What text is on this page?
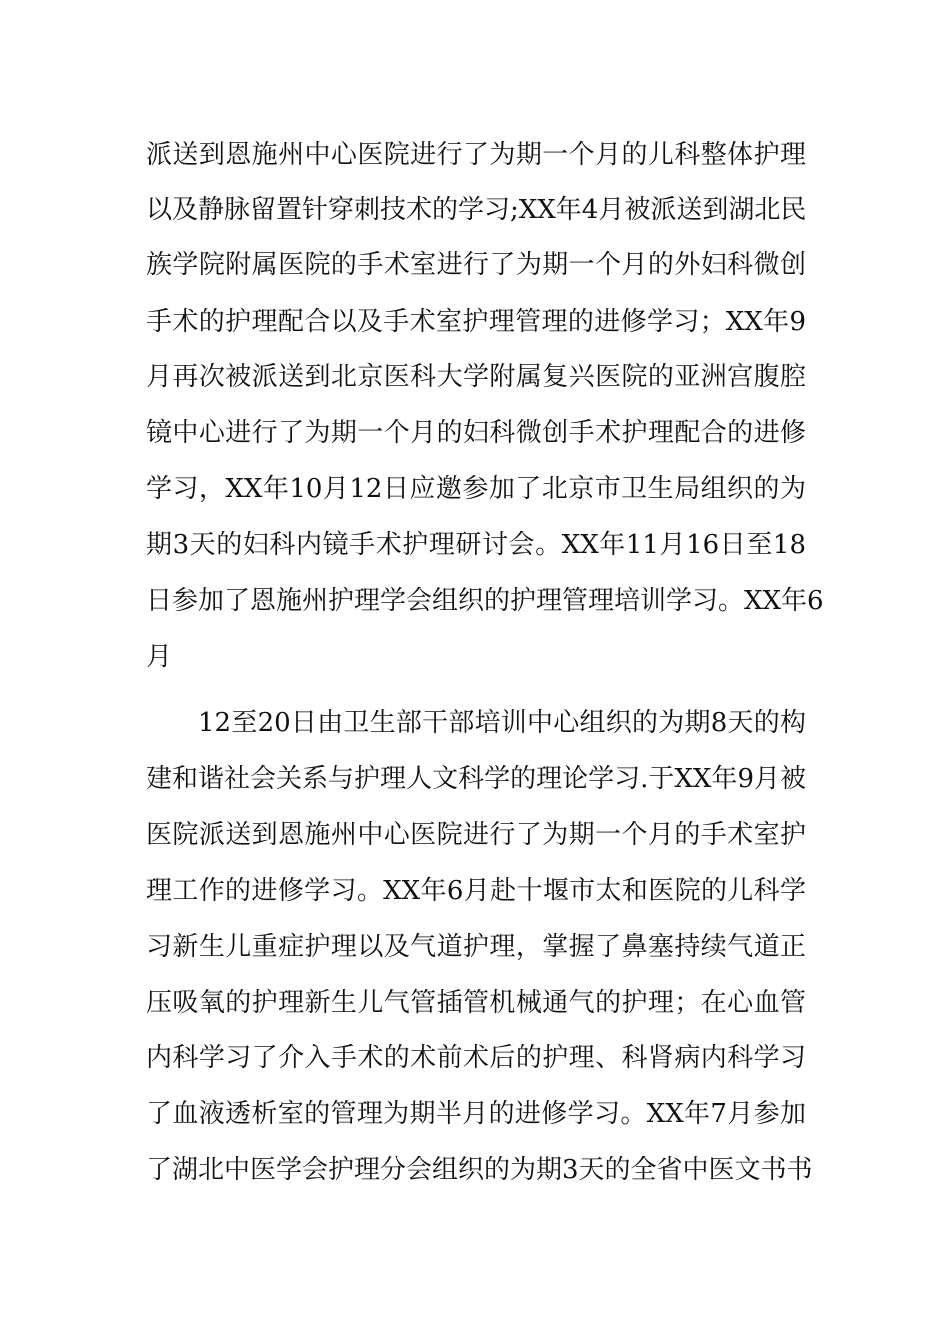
派送到恩施州中心医院进行了为期一个月的儿科整体护理
以及静脉留置针穿刺技术的学习;XX年4月被派送到湖北民
族学院附属医院的手术室进行了为期一个月的外妇科微创
手术的护理配合以及手术室护理管理的进修学习；XX年9
月再次被派送到北京医科大学附属复兴医院的亚洲宫腹腔
镜中心进行了为期一个月的妇科微创手术护理配合的进修
学习，XX年10月12日应邀参加了北京市卫生局组织的为
期3天的妇科内镜手术护理研讨会。XX年11月16日至18
日参加了恩施州护理学会组织的护理管理培训学习。XX年6
月
12至20日由卫生部干部培训中心组织的为期8天的构
建和谐社会关系与护理人文科学的理论学习.于XX年9月被
医院派送到恩施州中心医院进行了为期一个月的手术室护
理工作的进修学习。XX年6月赴十堰市太和医院的儿科学
习新生儿重症护理以及气道护理，掌握了鼻塞持续气道正
压吸氧的护理新生儿气管插管机械通气的护理；在心血管
内科学习了介入手术的术前术后的护理、科肾病内科学习
了血液透析室的管理为期半月的进修学习。XX年7月参加
了湖北中医学会护理分会组织的为期3天的全省中医文书书
